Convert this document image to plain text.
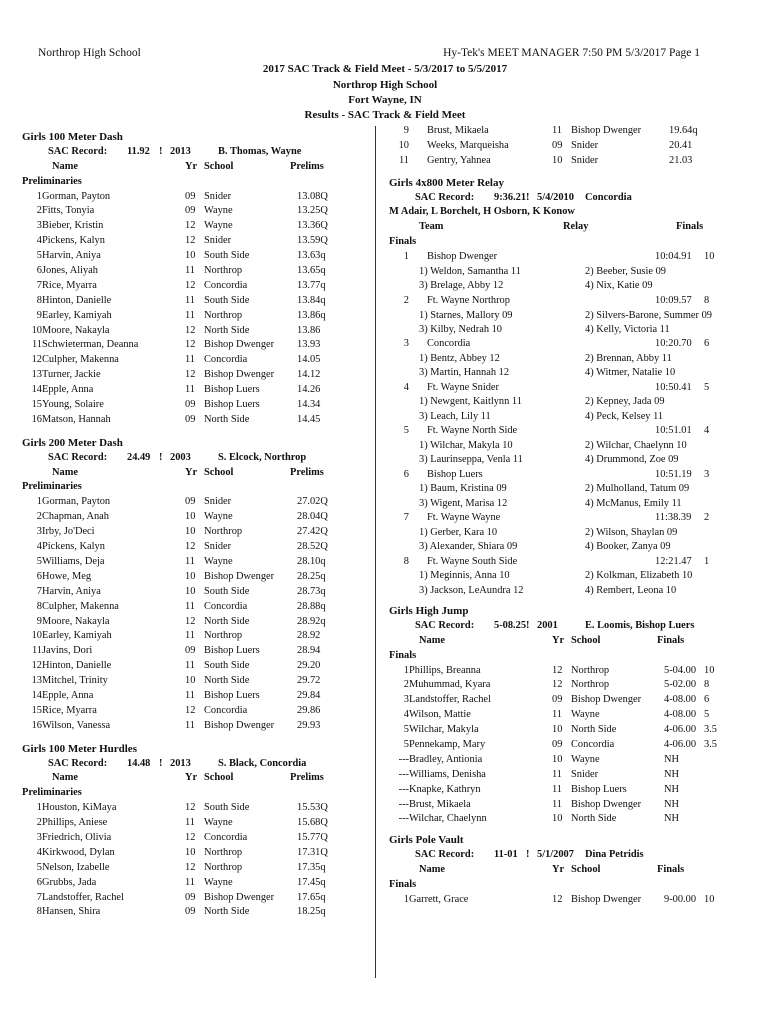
Northrop High School	Hy-Tek's MEET MANAGER 7:50 PM 5/3/2017 Page 1
2017 SAC Track & Field Meet - 5/3/2017 to 5/5/2017
Northrop High School
Fort Wayne, IN
Results - SAC Track & Field Meet
Girls 100 Meter Dash
SAC Record: 11.92 ! 2013	B. Thomas, Wayne
Name	Yr School	Prelims
Preliminaries
1 Gorman, Payton	09 Snider	13.08Q
2 Fitts, Tonyia	09 Wayne	13.25Q
3 Bieber, Kristin	12 Wayne	13.36Q
4 Pickens, Kalyn	12 Snider	13.59Q
5 Harvin, Aniya	10 South Side	13.63q
6 Jones, Aliyah	11 Northrop	13.65q
7 Rice, Myarra	12 Concordia	13.77q
8 Hinton, Danielle	11 South Side	13.84q
9 Earley, Kamiyah	11 Northrop	13.86q
10 Moore, Nakayla	12 North Side	13.86
11 Schwieterman, Deanna	12 Bishop Dwenger 13.93
12 Culpher, Makenna	11 Concordia	14.05
13 Turner, Jackie	12 Bishop Dwenger 14.12
14 Epple, Anna	11 Bishop Luers	14.26
15 Young, Solaire	09 Bishop Luers	14.34
16 Matson, Hannah	09 North Side	14.45
Girls 200 Meter Dash
SAC Record: 24.49 ! 2003	S. Elcock, Northrop
Name	Yr School	Prelims
Preliminaries
1 Gorman, Payton	09 Snider	27.02Q
2 Chapman, Anah	10 Wayne	28.04Q
3 Irby, Jo'Deci	10 Northrop	27.42Q
4 Pickens, Kalyn	12 Snider	28.52Q
5 Williams, Deja	11 Wayne	28.10q
6 Howe, Meg	10 Bishop Dwenger 28.25q
7 Harvin, Aniya	10 South Side	28.73q
8 Culpher, Makenna	11 Concordia	28.88q
9 Moore, Nakayla	12 North Side	28.92q
10 Earley, Kamiyah	11 Northrop	28.92
11 Javins, Dori	09 Bishop Luers	28.94
12 Hinton, Danielle	11 South Side	29.20
13 Mitchel, Trinity	10 North Side	29.72
14 Epple, Anna	11 Bishop Luers	29.84
15 Rice, Myarra	12 Concordia	29.86
16 Wilson, Vanessa	11 Bishop Dwenger 29.93
Girls 100 Meter Hurdles
SAC Record: 14.48 ! 2013	S. Black, Concordia
Name	Yr School	Prelims
Preliminaries
1 Houston, KiMaya	12 South Side	15.53Q
2 Phillips, Aniese	11 Wayne	15.68Q
3 Friedrich, Olivia	12 Concordia	15.77Q
4 Kirkwood, Dylan	10 Northrop	17.31Q
5 Nelson, Izabelle	12 Northrop	17.35q
6 Grubbs, Jada	11 Wayne	17.45q
7 Landstoffer, Rachel	09 Bishop Dwenger 17.65q
8 Hansen, Shira	09 North Side	18.25q
9 Brust, Mikaela	11 Bishop Dwenger	19.64q
10 Weeks, Marqueisha	09 Snider	20.41
11 Gentry, Yahnea	10 Snider	21.03
Girls 4x800 Meter Relay
SAC Record: 9:36.21 ! 5/4/2010 Concordia
M Adair, L Borchelt, H Osborn, K Konow
Team	Relay	Finals
Finals
1 Bishop Dwenger	10:04.91 10
1) Weldon, Samantha 11	2) Beeber, Susie 09
3) Brelage, Abby 12	4) Nix, Katie 09
2 Ft. Wayne Northrop	10:09.57 8
1) Starnes, Mallory 09	2) Silvers-Barone, Summer 09
3) Kilby, Nedrah 10	4) Kelly, Victoria 11
3 Concordia	10:20.70 6
1) Bentz, Abbey 12	2) Brennan, Abby 11
3) Martin, Hannah 12	4) Witmer, Natalie 10
4 Ft. Wayne Snider	10:50.41 5
1) Newgent, Kaitlynn 11	2) Kepney, Jada 09
3) Leach, Lily 11	4) Peck, Kelsey 11
5 Ft. Wayne North Side	10:51.01 4
1) Wilchar, Makyla 10	2) Wilchar, Chaelynn 10
3) Laurinseppa, Venla 11	4) Drummond, Zoe 09
6 Bishop Luers	10:51.19 3
1) Baum, Kristina 09	2) Mulholland, Tatum 09
3) Wigent, Marisa 12	4) McManus, Emily 11
7 Ft. Wayne Wayne	11:38.39 2
1) Gerber, Kara 10	2) Wilson, Shaylan 09
3) Alexander, Shiara 09	4) Booker, Zanya 09
8 Ft. Wayne South Side	12:21.47 1
1) Meginnis, Anna 10	2) Kolkman, Elizabeth 10
3) Jackson, LeAundra 12	4) Rembert, Leona 10
Girls High Jump
SAC Record: 5-08.25 ! 2001	E. Loomis, Bishop Luers
Name	Yr School	Finals
Finals
1 Phillips, Breanna	12 Northrop	5-04.00 10
2 Muhummad, Kyara	12 Northrop	5-02.00 8
3 Landstoffer, Rachel	09 Bishop Dwenger 4-08.00 6
4 Wilson, Mattie	11 Wayne	4-08.00 5
5 Wilchar, Makyla	10 North Side	4-06.00 3.5
5 Pennekamp, Mary	09 Concordia	4-06.00 3.5
--- Bradley, Antionia	10 Wayne	NH
--- Williams, Denisha	11 Snider	NH
--- Knapke, Kathryn	11 Bishop Luers	NH
--- Brust, Mikaela	11 Bishop Dwenger NH
--- Wilchar, Chaelynn	10 North Side	NH
Girls Pole Vault
SAC Record: 11-01 ! 5/1/2007 Dina Petridis
Name	Yr School	Finals
Finals
1 Garrett, Grace	12 Bishop Dwenger 9-00.00 10
